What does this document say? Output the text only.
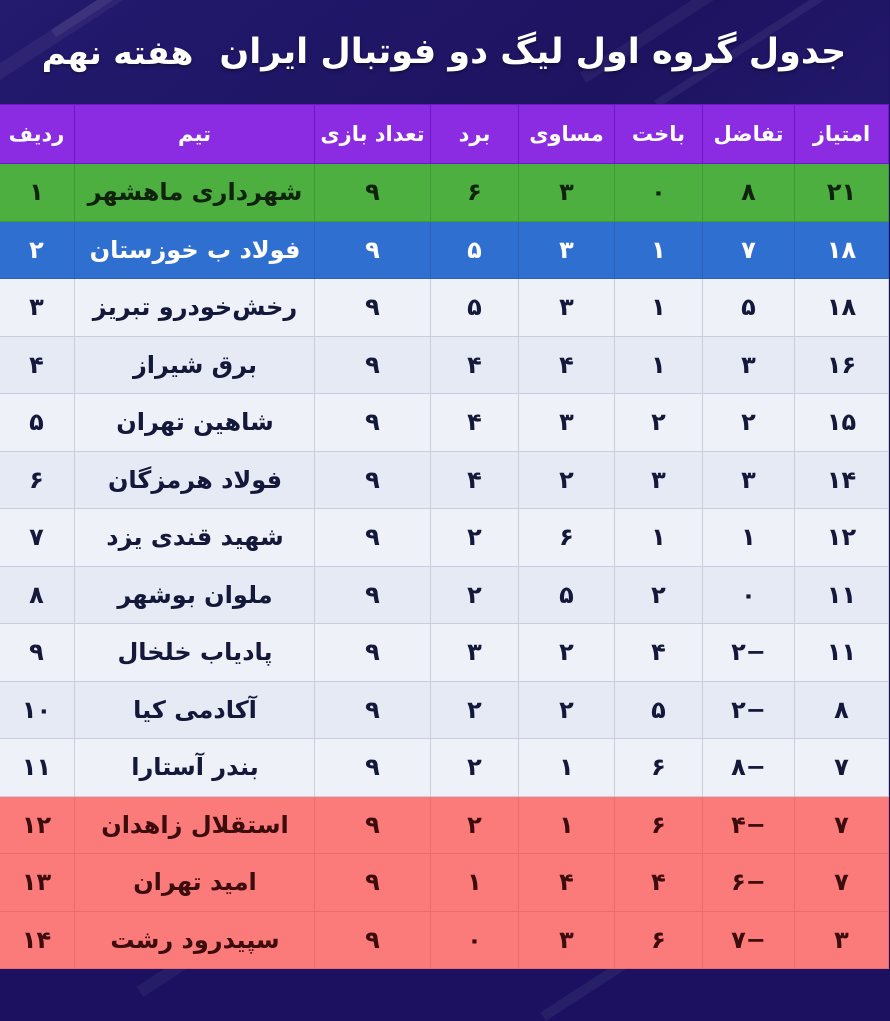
جدول گروه اول لیگ دو فوتبال ایران
هفته نهم
امتیاز	تفاضل	باخت	مساوی	برد	تعداد بازی	تیم	ردیف
۲۱	۸	۰	۳	۶	۹	شهرداری ماهشهر	۱
۱۸	۷	۱	۳	۵	۹	فولاد ب خوزستان	۲
۱۸	۵	۱	۳	۵	۹	رخش‌خودرو تبریز	۳
۱۶	۳	۱	۴	۴	۹	برق شیراز	۴
۱۵	۲	۲	۳	۴	۹	شاهین تهران	۵
۱۴	۳	۳	۲	۴	۹	فولاد هرمزگان	۶
۱۲	۱	۱	۶	۲	۹	شهید قندی یزد	۷
۱۱	۰	۲	۵	۲	۹	ملوان بوشهر	۸
۱۱	−۲	۴	۲	۳	۹	پادیاب خلخال	۹
۸	−۲	۵	۲	۲	۹	آکادمی کیا	۱۰
۷	−۸	۶	۱	۲	۹	بندر آستارا	۱۱
۷	−۴	۶	۱	۲	۹	استقلال زاهدان	۱۲
۷	−۶	۴	۴	۱	۹	امید تهران	۱۳
۳	−۷	۶	۳	۰	۹	سپیدرود رشت	۱۴
